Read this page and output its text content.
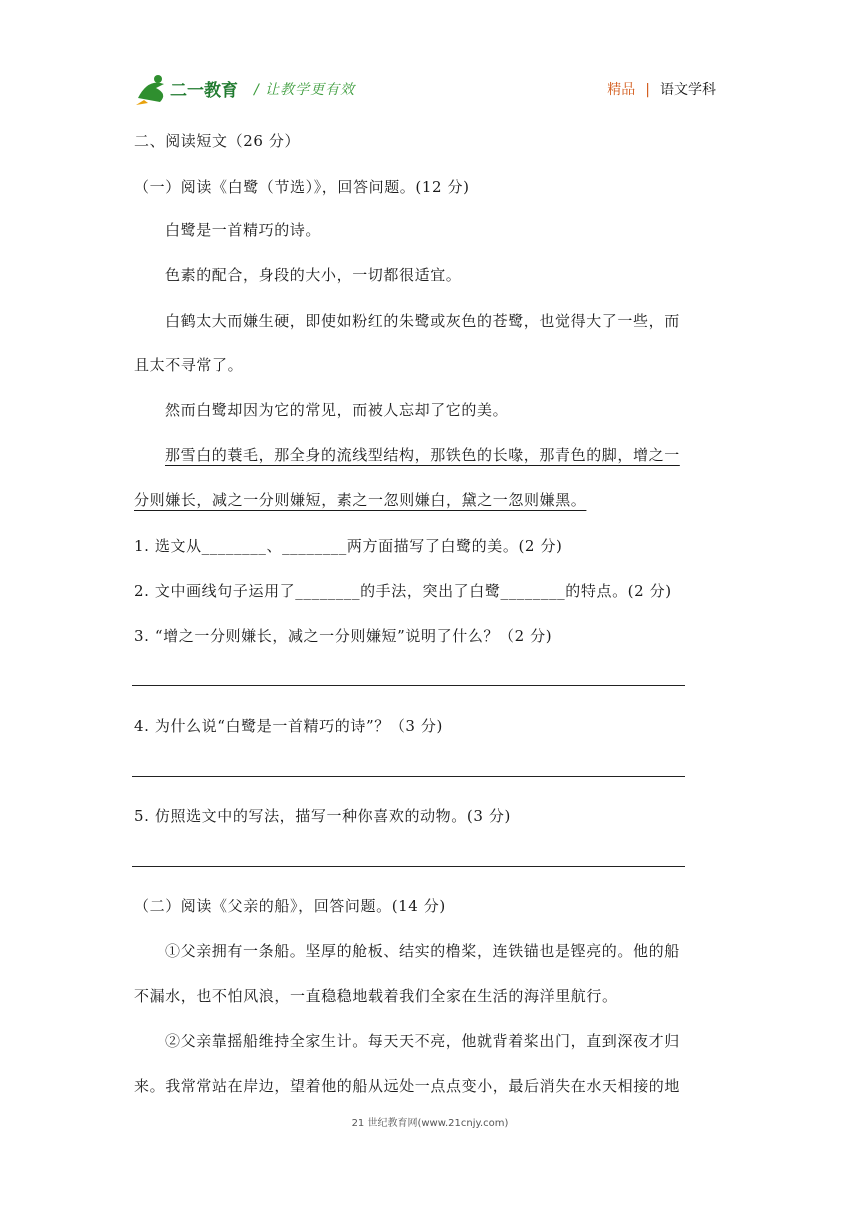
二一教育 / 让教学更有效	精品 | 语文学科
二、阅读短文（26 分）
（一）阅读《白鹭（节选）》，回答问题。(12 分)
白鹭是一首精巧的诗。
色素的配合，身段的大小，一切都很适宜。
白鹤太大而嫌生硬，即使如粉红的朱鹭或灰色的苍鹭，也觉得大了一些，而
且太不寻常了。
然而白鹭却因为它的常见，而被人忘却了它的美。
那雪白的蓑毛，那全身的流线型结构，那铁色的长喙，那青色的脚，增之一
分则嫌长，减之一分则嫌短，素之一忽则嫌白，黛之一忽则嫌黑。
1. 选文从________、________两方面描写了白鹭的美。(2 分)
2. 文中画线句子运用了________的手法，突出了白鹭________的特点。(2 分)
3. “增之一分则嫌长，减之一分则嫌短”说明了什么？（2 分)
4. 为什么说“白鹭是一首精巧的诗”？（3 分)
5. 仿照选文中的写法，描写一种你喜欢的动物。(3 分)
（二）阅读《父亲的船》，回答问题。(14 分)
①父亲拥有一条船。坚厚的舱板、结实的橹桨，连铁锚也是铿亮的。他的船
不漏水，也不怕风浪，一直稳稳地载着我们全家在生活的海洋里航行。
②父亲靠摇船维持全家生计。每天天不亮，他就背着桨出门，直到深夜才归
来。我常常站在岸边，望着他的船从远处一点点变小，最后消失在水天相接的地
21 世纪教育网(www.21cnjy.com)
